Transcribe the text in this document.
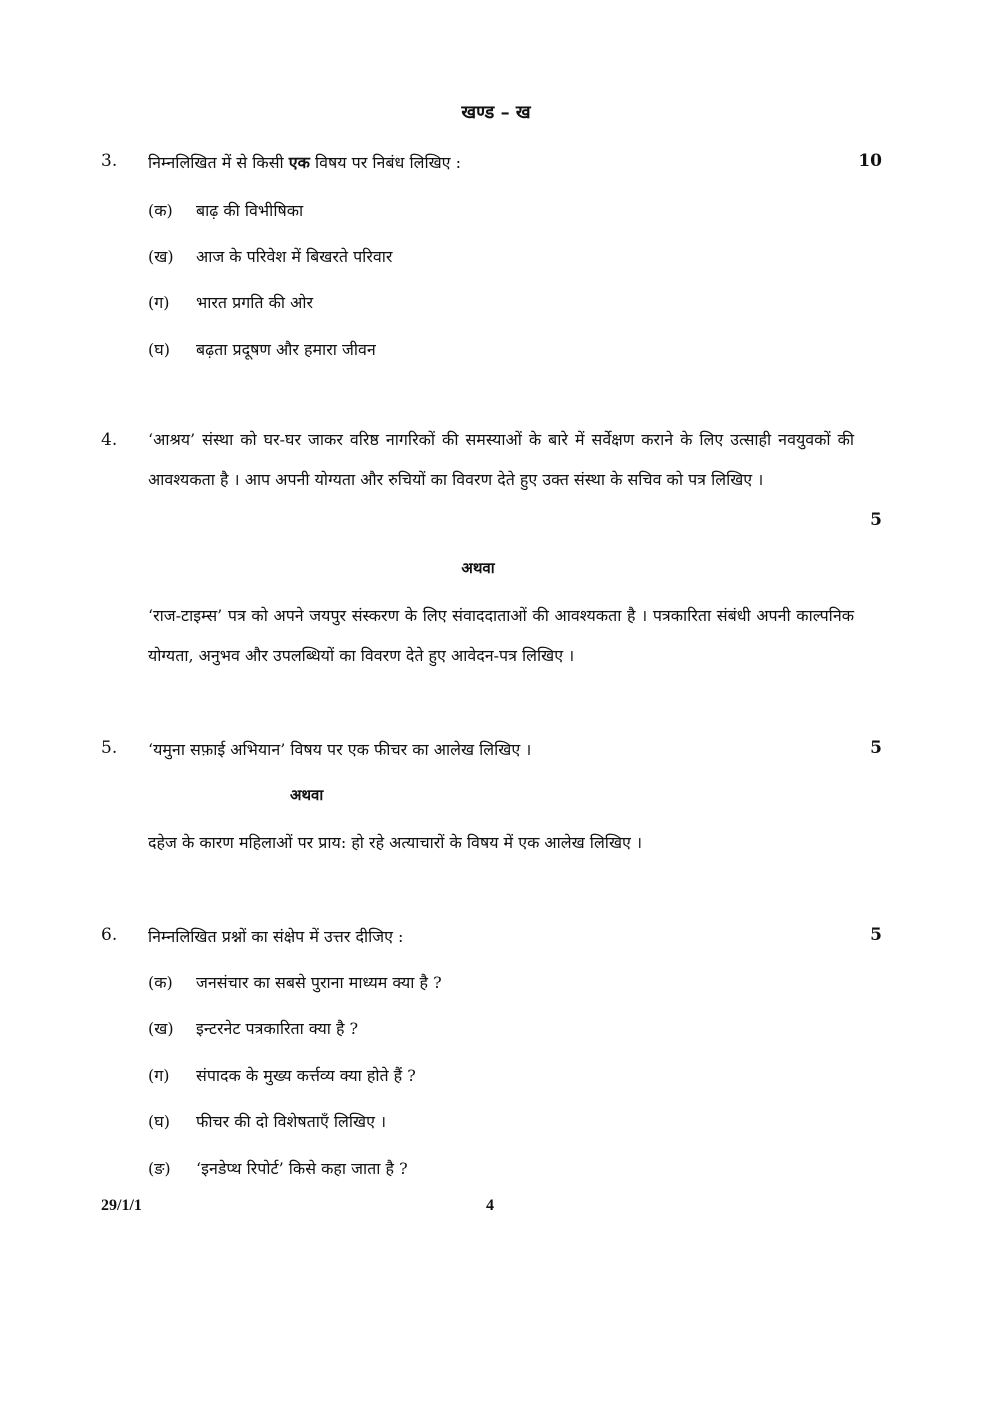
खण्ड – ख
3. निम्नलिखित में से किसी एक विषय पर निबंध लिखिए :	10
(क) बाढ़ की विभीषिका
(ख) आज के परिवेश में बिखरते परिवार
(ग) भारत प्रगति की ओर
(घ) बढ़ता प्रदूषण और हमारा जीवन
4. ‘आश्रय’ संस्था को घर-घर जाकर वरिष्ठ नागरिकों की समस्याओं के बारे में सर्वेक्षण कराने के लिए उत्साही नवयुवकों की आवश्यकता है । आप अपनी योग्यता और रुचियों का विवरण देते हुए उक्त संस्था के सचिव को पत्र लिखिए ।
5
अथवा
‘राज-टाइम्स’ पत्र को अपने जयपुर संस्करण के लिए संवाददाताओं की आवश्यकता है । पत्रकारिता संबंधी अपनी काल्पनिक योग्यता, अनुभव और उपलब्धियों का विवरण देते हुए आवेदन-पत्र लिखिए ।
5. ‘यमुना सफ़ाई अभियान’ विषय पर एक फीचर का आलेख लिखिए ।	5
अथवा
दहेज के कारण महिलाओं पर प्राय: हो रहे अत्याचारों के विषय में एक आलेख लिखिए ।
6. निम्नलिखित प्रश्नों का संक्षेप में उत्तर दीजिए :	5
(क) जनसंचार का सबसे पुराना माध्यम क्या है ?
(ख) इन्टरनेट पत्रकारिता क्या है ?
(ग) संपादक के मुख्य कर्त्तव्य क्या होते हैं ?
(घ) फीचर की दो विशेषताएँ लिखिए ।
(ङ) ‘इनडेप्थ रिपोर्ट’ किसे कहा जाता है ?
29/1/1	4
